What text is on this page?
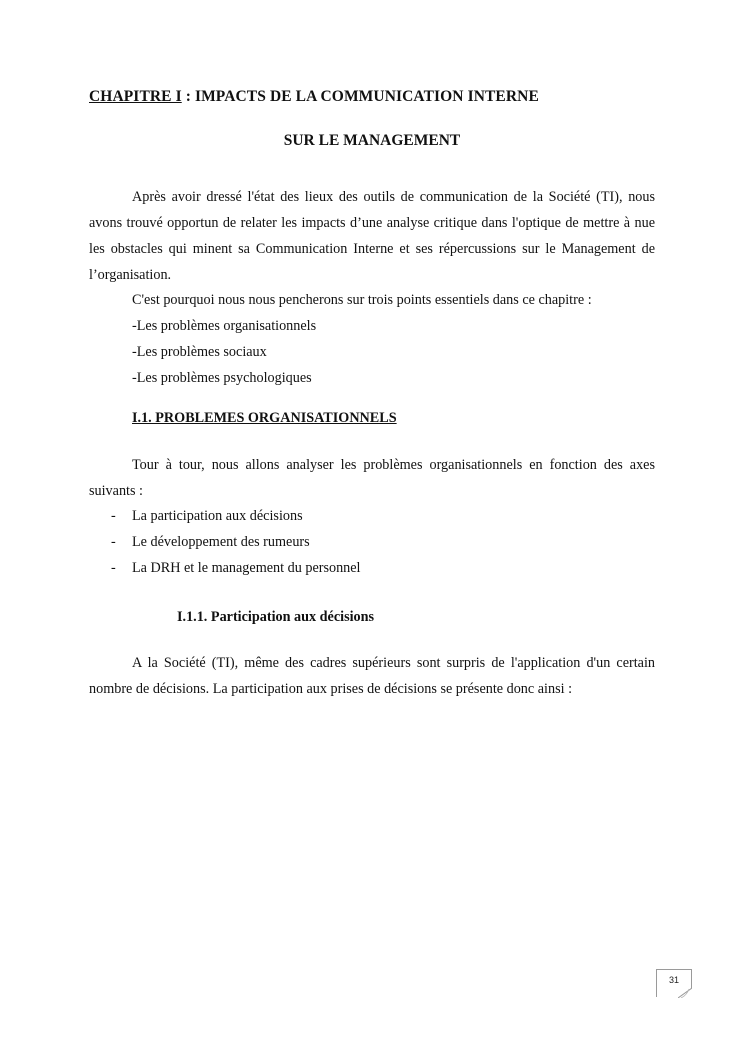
CHAPITRE I : IMPACTS DE LA COMMUNICATION INTERNE
SUR LE MANAGEMENT
Après avoir dressé l'état des lieux des outils de communication de la Société (TI), nous avons trouvé opportun de relater les impacts d’une analyse critique dans l'optique de mettre à nue les obstacles qui minent sa Communication Interne et ses répercussions sur le Management de l’organisation.
C'est pourquoi nous nous pencherons sur trois points essentiels dans ce chapitre :
-Les problèmes organisationnels
-Les problèmes sociaux
-Les problèmes psychologiques
I.1. PROBLEMES ORGANISATIONNELS
Tour à tour, nous allons analyser les problèmes organisationnels en fonction des axes suivants :
- La participation aux décisions
- Le développement des rumeurs
- La DRH et le management du personnel
I.1.1. Participation aux décisions
A la Société (TI), même des cadres supérieurs sont surpris de l'application d'un certain nombre de décisions. La participation aux prises de décisions se présente donc ainsi :
31
